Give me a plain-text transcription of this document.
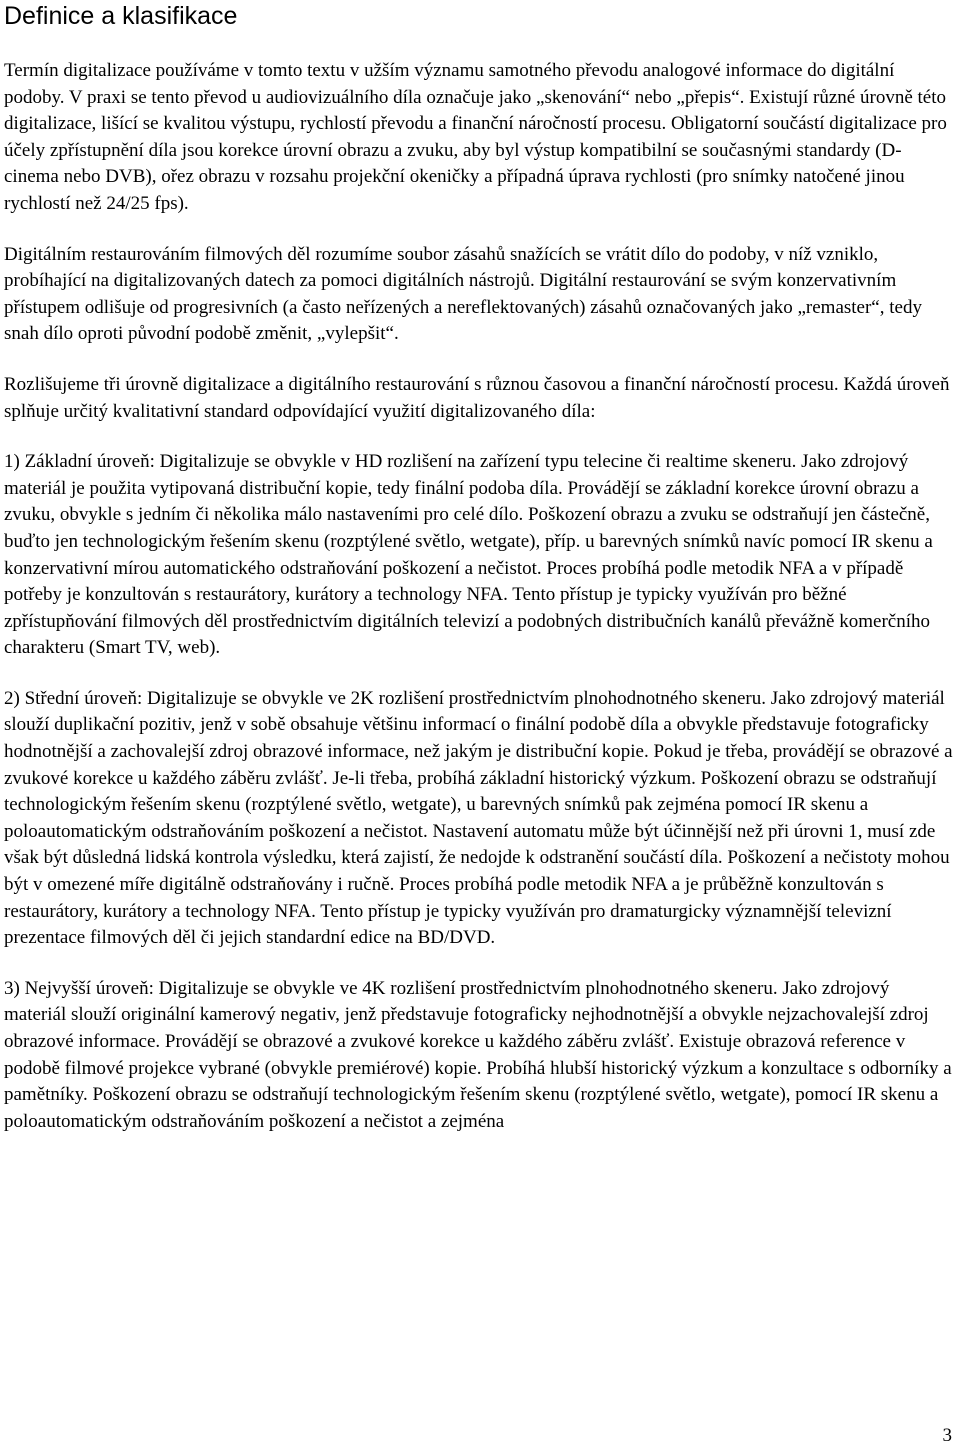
Definice a klasifikace

Termín digitalizace používáme v tomto textu v užším významu samotného převodu analogové informace do digitální podoby. V praxi se tento převod u audiovizuálního díla označuje jako „skenování“ nebo „přepis“. Existují různé úrovně této digitalizace, lišící se kvalitou výstupu, rychlostí převodu a finanční náročností procesu. Obligatorní součástí digitalizace pro účely zpřístupnění díla jsou korekce úrovní obrazu a zvuku, aby byl výstup kompatibilní se současnými standardy (D-cinema nebo DVB), ořez obrazu v rozsahu projekční okeničky a případná úprava rychlosti (pro snímky natočené jinou rychlostí než 24/25 fps).

Digitálním restaurováním filmových děl rozumíme soubor zásahů snažících se vrátit dílo do podoby, v níž vzniklo, probíhající na digitalizovaných datech za pomoci digitálních nástrojů. Digitální restaurování se svým konzervativním přístupem odlišuje od progresivních (a často neřízených a nereflektovaných) zásahů označovaných jako „remaster“, tedy snah dílo oproti původní podobě změnit, „vylepšit“.

Rozlišujeme tři úrovně digitalizace a digitálního restaurování s různou časovou a finanční náročností procesu. Každá úroveň splňuje určitý kvalitativní standard odpovídající využití digitalizovaného díla:

1) Základní úroveň: Digitalizuje se obvykle v HD rozlišení na zařízení typu telecine či realtime skeneru. Jako zdrojový materiál je použita vytipovaná distribuční kopie, tedy finální podoba díla. Provádějí se základní korekce úrovní obrazu a zvuku, obvykle s jedním či několika málo nastaveními pro celé dílo. Poškození obrazu a zvuku se odstraňují jen částečně, buďto jen technologickým řešením skenu (rozptýlené světlo, wetgate), příp. u barevných snímků navíc pomocí IR skenu a konzervativní mírou automatického odstraňování poškození a nečistot. Proces probíhá podle metodik NFA a v případě potřeby je konzultován s restaurátory, kurátory a technology NFA. Tento přístup je typicky využíván pro běžné zpřístupňování filmových děl prostřednictvím digitálních televizí a podobných distribučních kanálů převážně komerčního charakteru (Smart TV, web).

2) Střední úroveň: Digitalizuje se obvykle ve 2K rozlišení prostřednictvím plnohodnotného skeneru. Jako zdrojový materiál slouží duplikační pozitiv, jenž v sobě obsahuje většinu informací o finální podobě díla a obvykle představuje fotograficky hodnotnější a zachovalejší zdroj obrazové informace, než jakým je distribuční kopie. Pokud je třeba, provádějí se obrazové a zvukové korekce u každého záběru zvlášť. Je-li třeba, probíhá základní historický výzkum. Poškození obrazu se odstraňují technologickým řešením skenu (rozptýlené světlo, wetgate), u barevných snímků pak zejména pomocí IR skenu a poloautomatickým odstraňováním poškození a nečistot. Nastavení automatu může být účinnější než při úrovni 1, musí zde však být důsledná lidská kontrola výsledku, která zajistí, že nedojde k odstranění součástí díla. Poškození a nečistoty mohou být v omezené míře digitálně odstraňovány i ručně. Proces probíhá podle metodik NFA a je průběžně konzultován s restaurátory, kurátory a technology NFA. Tento přístup je typicky využíván pro dramaturgicky významnější televizní prezentace filmových děl či jejich standardní edice na BD/DVD.

3) Nejvyšší úroveň: Digitalizuje se obvykle ve 4K rozlišení prostřednictvím plnohodnotného skeneru. Jako zdrojový materiál slouží originální kamerový negativ, jenž představuje fotograficky nejhodnotnější a obvykle nejzachovalejší zdroj obrazové informace. Provádějí se obrazové a zvukové korekce u každého záběru zvlášť. Existuje obrazová reference v podobě filmové projekce vybrané (obvykle premiérové) kopie. Probíhá hlubší historický výzkum a konzultace s odborníky a pamětníky. Poškození obrazu se odstraňují technologickým řešením skenu (rozptýlené světlo, wetgate), pomocí IR skenu a poloautomatickým odstraňováním poškození a nečistot a zejména

3
